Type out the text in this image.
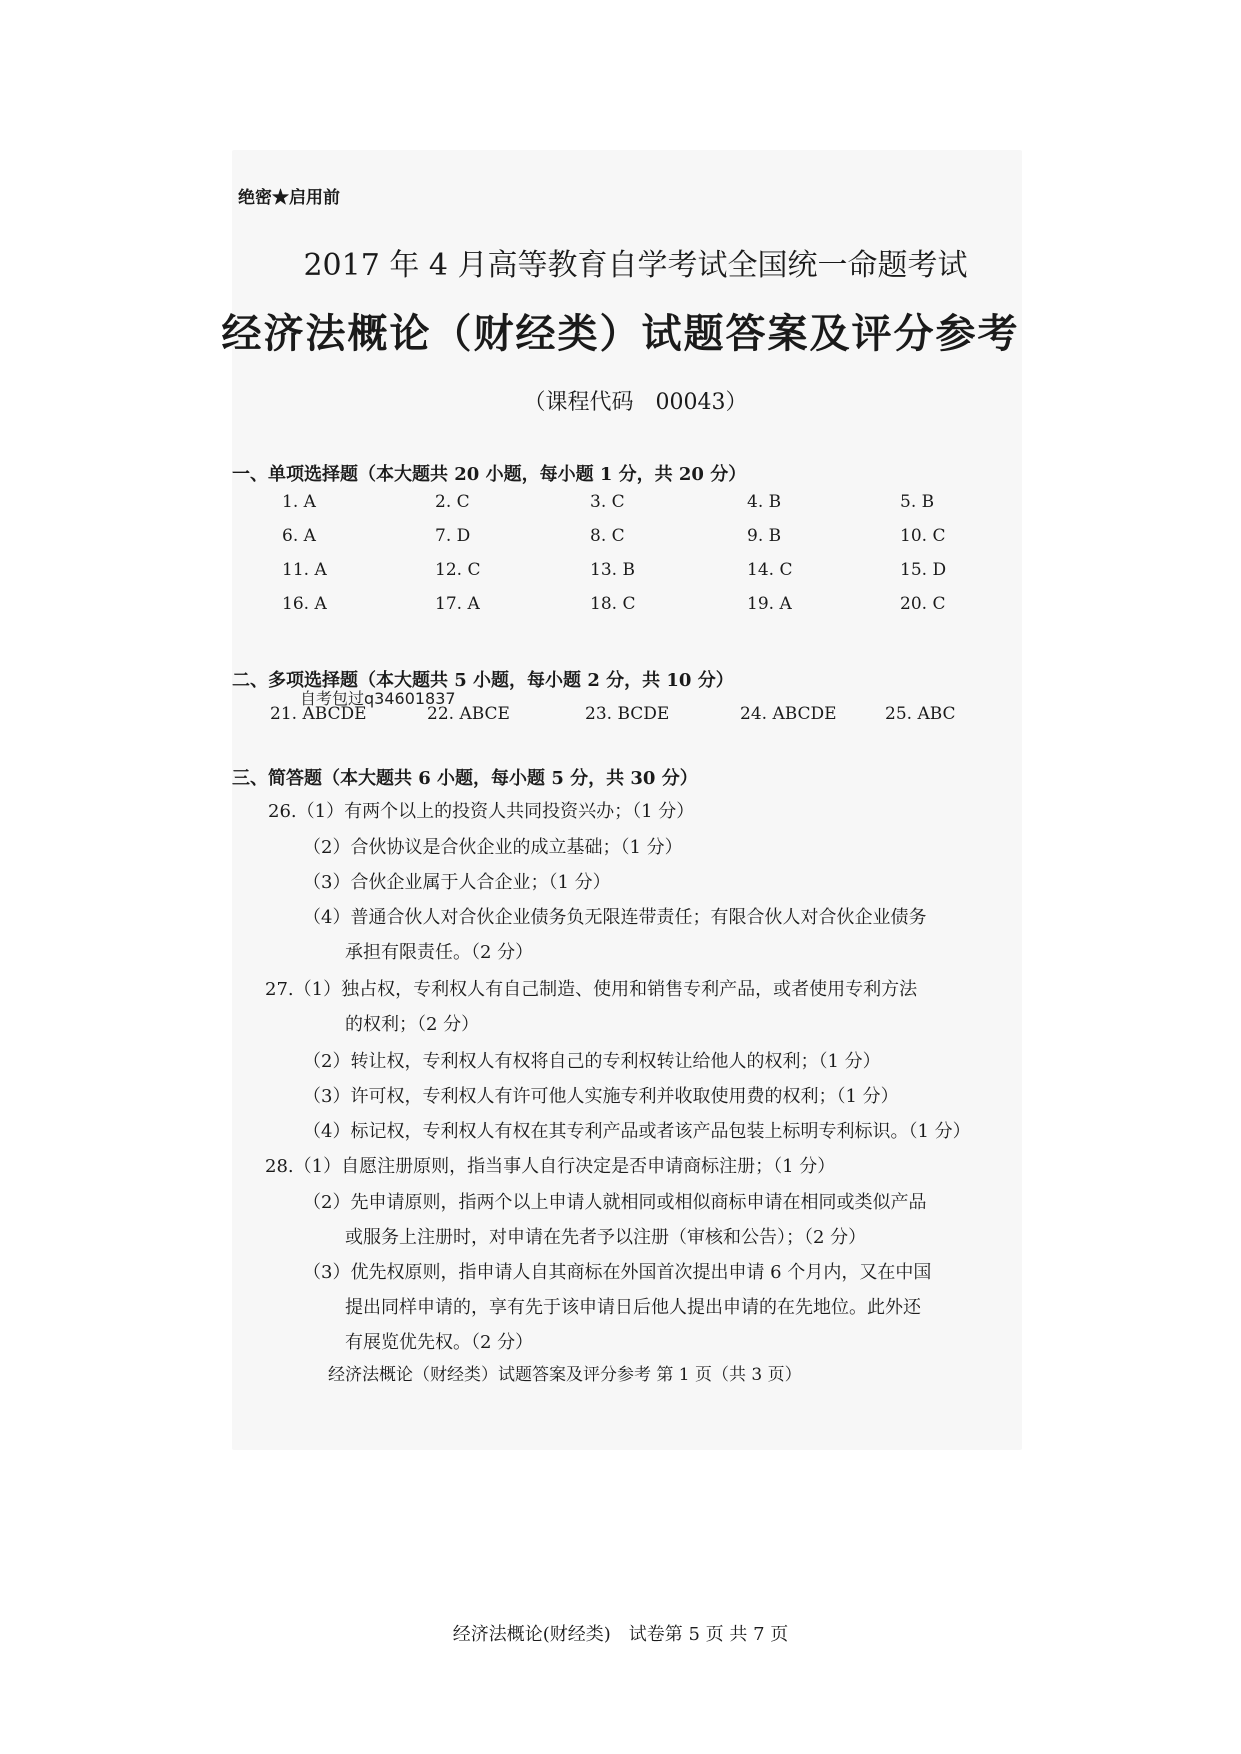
绝密★启用前
2017 年 4 月高等教育自学考试全国统一命题考试
经济法概论（财经类）试题答案及评分参考
（课程代码　00043）
一、单项选择题（本大题共 20 小题，每小题 1 分，共 20 分）
1. A	2. C	3. C	4. B	5. B
6. A	7. D	8. C	9. B	10. C
11. A	12. C	13. B	14. C	15. D
16. A	17. A	18. C	19. A	20. C
二、多项选择题（本大题共 5 小题，每小题 2 分，共 10 分）
自考包过q34601837
21. ABCDE	22. ABCE	23. BCDE	24. ABCDE	25. ABC
三、简答题（本大题共 6 小题，每小题 5 分，共 30 分）
26.（1）有两个以上的投资人共同投资兴办；（1 分）
（2）合伙协议是合伙企业的成立基础；（1 分）
（3）合伙企业属于人合企业；（1 分）
（4）普通合伙人对合伙企业债务负无限连带责任；有限合伙人对合伙企业债务
承担有限责任。（2 分）
27.（1）独占权，专利权人有自己制造、使用和销售专利产品，或者使用专利方法
的权利；（2 分）
（2）转让权，专利权人有权将自己的专利权转让给他人的权利；（1 分）
（3）许可权，专利权人有许可他人实施专利并收取使用费的权利；（1 分）
（4）标记权，专利权人有权在其专利产品或者该产品包装上标明专利标识。（1 分）
28.（1）自愿注册原则，指当事人自行决定是否申请商标注册；（1 分）
（2）先申请原则，指两个以上申请人就相同或相似商标申请在相同或类似产品
或服务上注册时，对申请在先者予以注册（审核和公告）；（2 分）
（3）优先权原则，指申请人自其商标在外国首次提出申请 6 个月内，又在中国
提出同样申请的，享有先于该申请日后他人提出申请的在先地位。此外还
有展览优先权。（2 分）
经济法概论（财经类）试题答案及评分参考 第 1 页（共 3 页）
经济法概论(财经类)　试卷第 5 页 共 7 页
